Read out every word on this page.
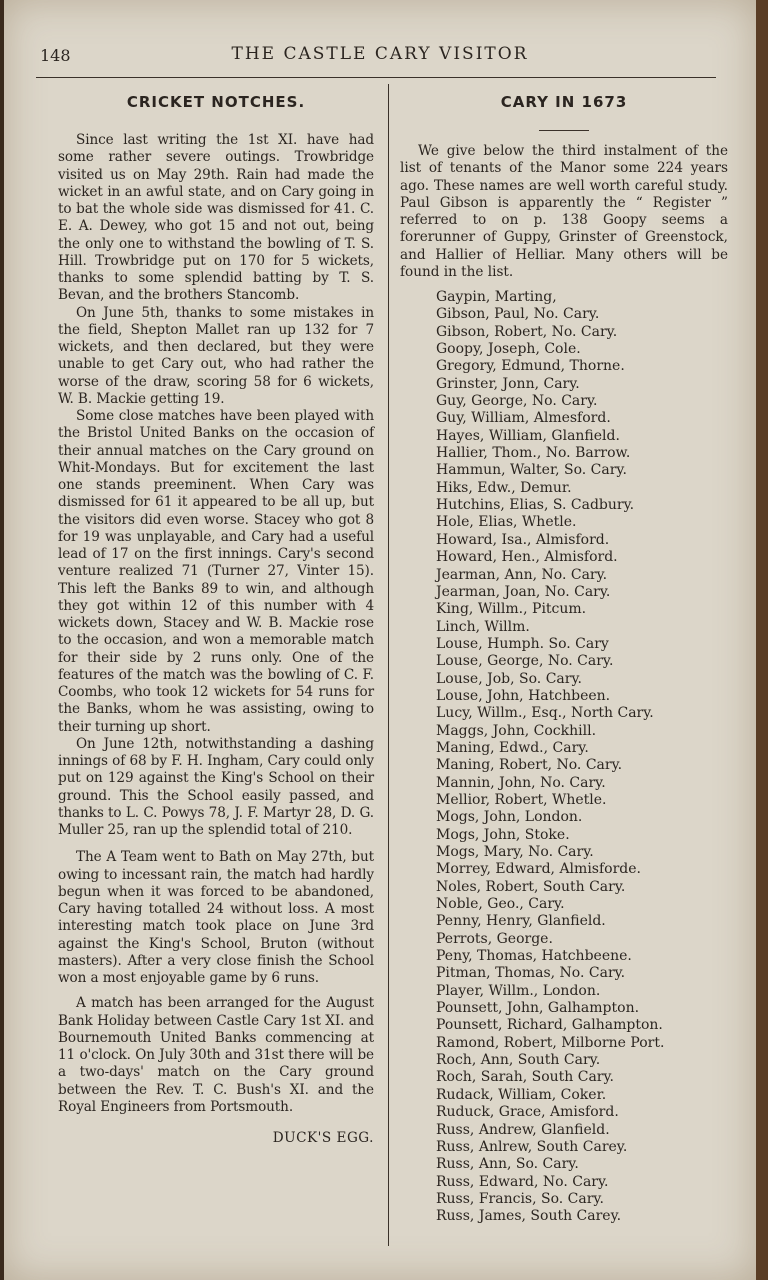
148	THE CASTLE CARY VISITOR
CRICKET NOTCHES.

Since last writing the 1st XI. have had some rather severe outings. Trowbridge visited us on May 29th. Rain had made the wicket in an awful state, and on Cary going in to bat the whole side was dismissed for 41. C. E. A. Dewey, who got 15 and not out, being the only one to withstand the bowling of T. S. Hill. Trowbridge put on 170 for 5 wickets, thanks to some splendid batting by T. S. Bevan, and the brothers Stancomb.

On June 5th, thanks to some mistakes in the field, Shepton Mallet ran up 132 for 7 wickets, and then declared, but they were unable to get Cary out, who had rather the worse of the draw, scoring 58 for 6 wickets, W. B. Mackie getting 19.

Some close matches have been played with the Bristol United Banks on the occasion of their annual matches on the Cary ground on Whit-Mondays. But for excitement the last one stands preeminent. When Cary was dismissed for 61 it appeared to be all up, but the visitors did even worse. Stacey who got 8 for 19 was unplayable, and Cary had a useful lead of 17 on the first innings. Cary's second venture realized 71 (Turner 27, Vinter 15). This left the Banks 89 to win, and although they got within 12 of this number with 4 wickets down, Stacey and W. B. Mackie rose to the occasion, and won a memorable match for their side by 2 runs only. One of the features of the match was the bowling of C. F. Coombs, who took 12 wickets for 54 runs for the Banks, whom he was assisting, owing to their turning up short.

On June 12th, notwithstanding a dashing innings of 68 by F. H. Ingham, Cary could only put on 129 against the King's School on their ground. This the School easily passed, and thanks to L. C. Powys 78, J. F. Martyr 28, D. G. Muller 25, ran up the splendid total of 210.

The A Team went to Bath on May 27th, but owing to incessant rain, the match had hardly begun when it was forced to be abandoned, Cary having totalled 24 without loss. A most interesting match took place on June 3rd against the King's School, Bruton (without masters). After a very close finish the School won a most enjoyable game by 6 runs.

A match has been arranged for the August Bank Holiday between Castle Cary 1st XI. and Bournemouth United Banks commencing at 11 o'clock. On July 30th and 31st there will be a two-days' match on the Cary ground between the Rev. T. C. Bush's XI. and the Royal Engineers from Portsmouth.

DUCK'S EGG.
CARY IN 1673

We give below the third instalment of the list of tenants of the Manor some 224 years ago. These names are well worth careful study. Paul Gibson is apparently the “ Register ” referred to on p. 138 Goopy seems a forerunner of Guppy, Grinster of Greenstock, and Hallier of Helliar. Many others will be found in the list.

Gaypin, Marting,
Gibson, Paul, No. Cary.
Gibson, Robert, No. Cary.
Goopy, Joseph, Cole.
Gregory, Edmund, Thorne.
Grinster, Jonn, Cary.
Guy, George, No. Cary.
Guy, William, Almesford.
Hayes, William, Glanfield.
Hallier, Thom., No. Barrow.
Hammun, Walter, So. Cary.
Hiks, Edw., Demur.
Hutchins, Elias, S. Cadbury.
Hole, Elias, Whetle.
Howard, Isa., Almisford.
Howard, Hen., Almisford.
Jearman, Ann, No. Cary.
Jearman, Joan, No. Cary.
King, Willm., Pitcum.
Linch, Willm.
Louse, Humph. So. Cary
Louse, George, No. Cary.
Louse, Job, So. Cary.
Louse, John, Hatchbeen.
Lucy, Willm., Esq., North Cary.
Maggs, John, Cockhill.
Maning, Edwd., Cary.
Maning, Robert, No. Cary.
Mannin, John, No. Cary.
Mellior, Robert, Whetle.
Mogs, John, London.
Mogs, John, Stoke.
Mogs, Mary, No. Cary.
Morrey, Edward, Almisforde.
Noles, Robert, South Cary.
Noble, Geo., Cary.
Penny, Henry, Glanfield.
Perrots, George.
Peny, Thomas, Hatchbeene.
Pitman, Thomas, No. Cary.
Player, Willm., London.
Pounsett, John, Galhampton.
Pounsett, Richard, Galhampton.
Ramond, Robert, Milborne Port.
Roch, Ann, South Cary.
Roch, Sarah, South Cary.
Rudack, William, Coker.
Ruduck, Grace, Amisford.
Russ, Andrew, Glanfield.
Russ, Anlrew, South Carey.
Russ, Ann, So. Cary.
Russ, Edward, No. Cary.
Russ, Francis, So. Cary.
Russ, James, South Carey.
